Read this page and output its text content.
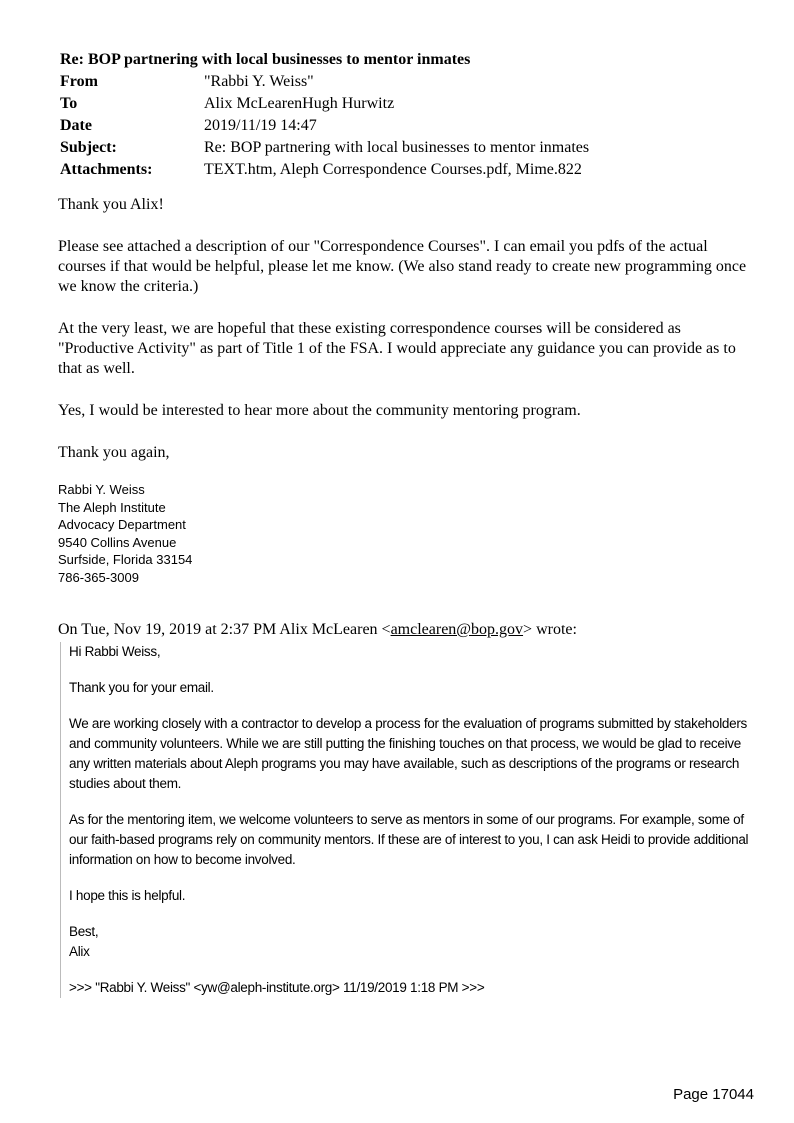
Re: BOP partnering with local businesses to mentor inmates
From	"Rabbi Y. Weiss"
To	Alix McLearenHugh Hurwitz
Date	2019/11/19 14:47
Subject:	Re: BOP partnering with local businesses to mentor inmates
Attachments:	TEXT.htm, Aleph Correspondence Courses.pdf, Mime.822

Thank you Alix!

Please see attached a description of our "Correspondence Courses". I can email you pdfs of the actual courses if that would be helpful, please let me know. (We also stand ready to create new programming once we know the criteria.)

At the very least, we are hopeful that these existing correspondence courses will be considered as "Productive Activity" as part of Title 1 of the FSA. I would appreciate any guidance you can provide as to that as well.

Yes, I would be interested to hear more about the community mentoring program.

Thank you again,

Rabbi Y. Weiss
The Aleph Institute
Advocacy Department
9540 Collins Avenue
Surfside, Florida 33154
786-365-3009
On Tue, Nov 19, 2019 at 2:37 PM Alix McLearen <amclearen@bop.gov> wrote:

Hi Rabbi Weiss,

Thank you for your email.

We are working closely with a contractor to develop a process for the evaluation of programs submitted by stakeholders and community volunteers. While we are still putting the finishing touches on that process, we would be glad to receive any written materials about Aleph programs you may have available, such as descriptions of the programs or research studies about them.

As for the mentoring item, we welcome volunteers to serve as mentors in some of our programs. For example, some of our faith-based programs rely on community mentors. If these are of interest to you, I can ask Heidi to provide additional information on how to become involved.

I hope this is helpful.

Best,
Alix
>>> "Rabbi Y. Weiss" <yw@aleph-institute.org> 11/19/2019 1:18 PM >>>
Page 17044
